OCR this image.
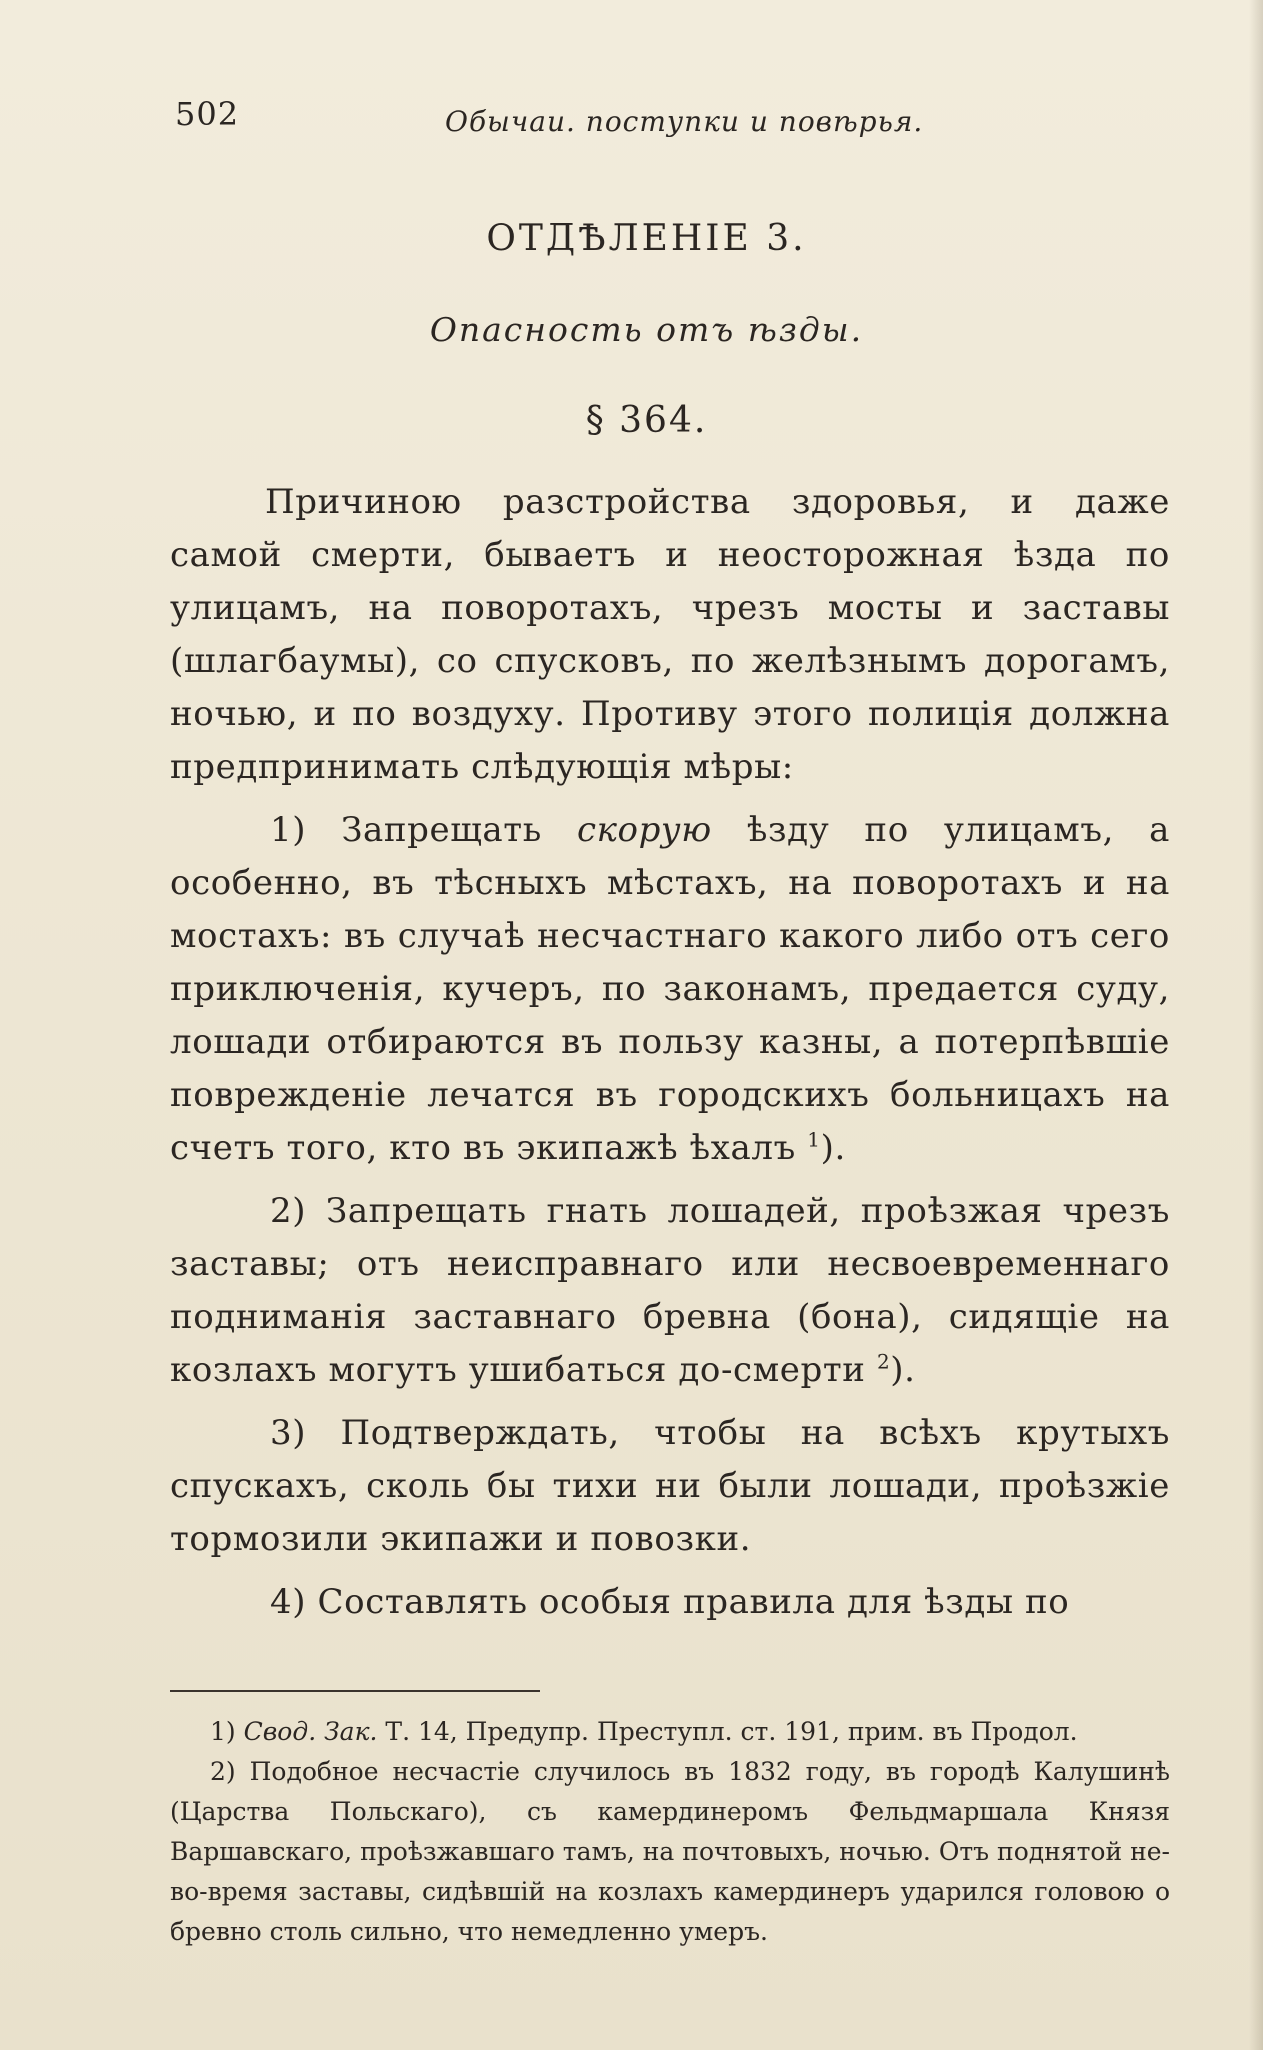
502	Обычаи. поступки и повѣрья.
ОТДѢЛЕНІЕ 3.
Опасность отъ ѣзды.
§ 364.

Причиною разстройства здоровья, и даже самой смерти, бываетъ и неосторожная ѣзда по улицамъ, на поворотахъ, чрезъ мосты и заставы (шлагбаумы), со спусковъ, по желѣзнымъ дорогамъ, ночью, и по воздуху. Противу этого полиція должна предпринимать слѣдующія мѣры:

1) Запрещать скорую ѣзду по улицамъ, а особенно, въ тѣсныхъ мѣстахъ, на поворотахъ и на мостахъ: въ случаѣ несчастнаго какого либо отъ сего приключенія, кучеръ, по законамъ, предается суду, лошади отбираются въ пользу казны, а потерпѣвшіе поврежденіе лечатся въ городскихъ больницахъ на счетъ того, кто въ экипажѣ ѣхалъ $^1$).

2) Запрещать гнать лошадей, проѣзжая чрезъ заставы; отъ неисправнаго или несвоевременнаго подниманія заставнаго бревна (бона), сидящіе на козлахъ могутъ ушибаться до-смерти $^2$).

3) Подтверждать, чтобы на всѣхъ крутыхъ спускахъ, сколь бы тихи ни были лошади, проѣзжіе тормозили экипажи и повозки.

4) Составлять особыя правила для ѣзды по

1) Свод. Зак. Т. 14, Предупр. Преступл. ст. 191, прим. въ Продол.

2) Подобное несчастіе случилось въ 1832 году, въ городѣ Калушинѣ (Царства Польскаго), съ камердинеромъ Фельдмаршала Князя Варшавскаго, проѣзжавшаго тамъ, на почтовыхъ, ночью. Отъ поднятой не-во-время заставы, сидѣвшій на козлахъ камердинеръ ударился головою о бревно столь сильно, что немедленно умеръ.
